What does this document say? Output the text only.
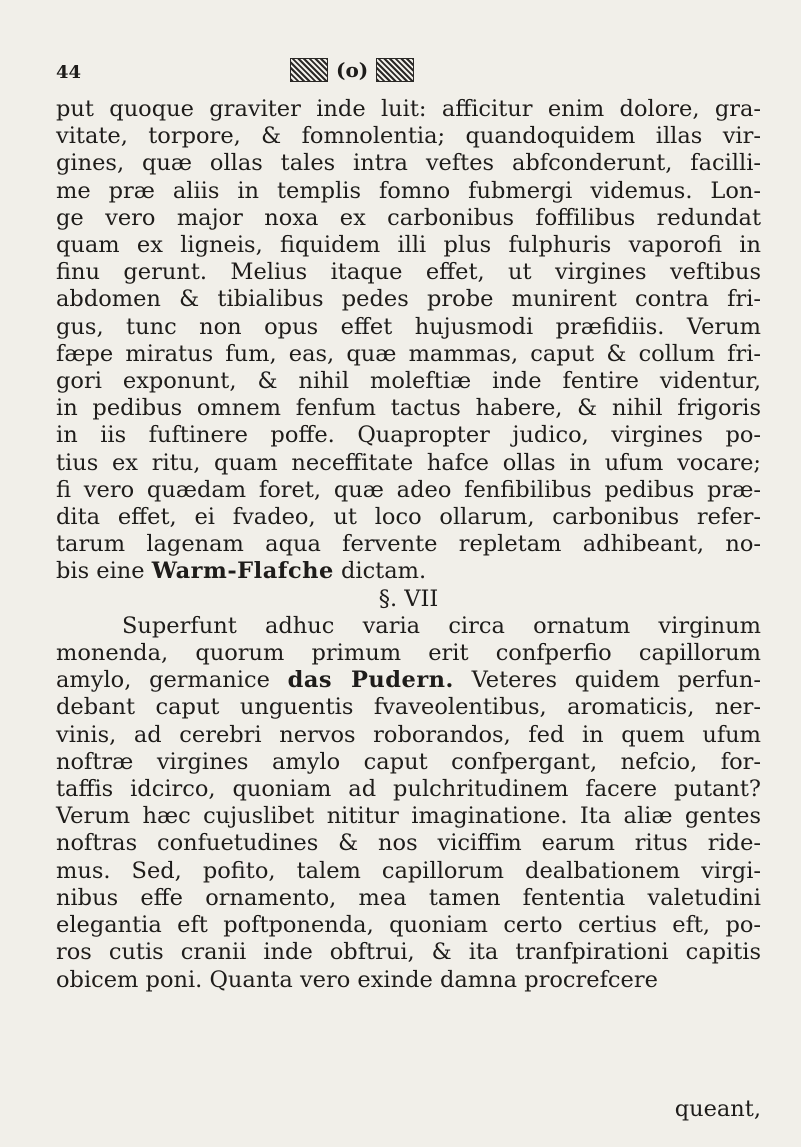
44	(o)
put quoque graviter inde luit: afficitur enim dolore, gra-
vitate, torpore, & fomnolentia; quandoquidem illas vir-
gines, quæ ollas tales intra veftes abfconderunt, facilli-
me præ aliis in templis fomno fubmergi videmus. Lon-
ge vero major noxa ex carbonibus foffilibus redundat
quam ex ligneis, fiquidem illi plus fulphuris vaporofi in
finu gerunt. Melius itaque effet, ut virgines veftibus
abdomen & tibialibus pedes probe munirent contra fri-
gus, tunc non opus effet hujusmodi præfidiis. Verum
fæpe miratus fum, eas, quæ mammas, caput & collum fri-
gori exponunt, & nihil moleftiæ inde fentire videntur,
in pedibus omnem fenfum tactus habere, & nihil frigoris
in iis fuftinere poffe. Quapropter judico, virgines po-
tius ex ritu, quam neceffitate hafce ollas in ufum vocare;
fi vero quædam foret, quæ adeo fenfibilibus pedibus præ-
dita effet, ei fvadeo, ut loco ollarum, carbonibus refer-
tarum lagenam aqua fervente repletam adhibeant, no-
bis eine Warm-Flafche dictam.
§. VII
Superfunt adhuc varia circa ornatum virginum
monenda, quorum primum erit confperfio capillorum
amylo, germanice das Pudern. Veteres quidem perfun-
debant caput unguentis fvaveolentibus, aromaticis, ner-
vinis, ad cerebri nervos roborandos, fed in quem ufum
noftræ virgines amylo caput confpergant, nefcio, for-
taffis idcirco, quoniam ad pulchritudinem facere putant?
Verum hæc cujuslibet nititur imaginatione. Ita aliæ gentes
noftras confuetudines & nos viciffim earum ritus ride-
mus. Sed, pofito, talem capillorum dealbationem virgi-
nibus effe ornamento, mea tamen fententia valetudini
elegantia eft poftponenda, quoniam certo certius eft, po-
ros cutis cranii inde obftrui, & ita tranfpirationi capitis
obicem poni. Quanta vero exinde damna procrefcere
queant,
